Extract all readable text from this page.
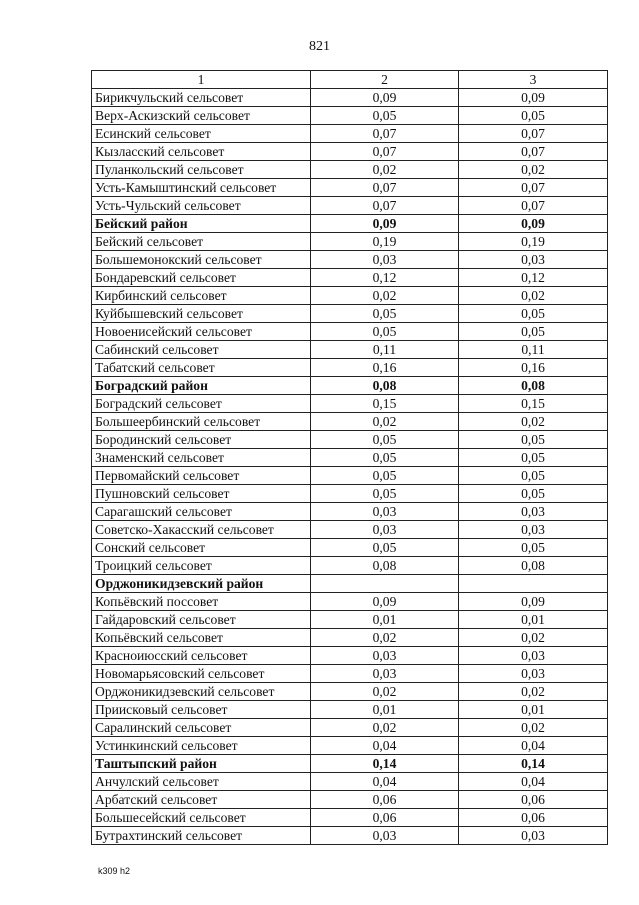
821
1	2	3
Бирикчульский сельсовет	0,09	0,09
Верх-Аскизский сельсовет	0,05	0,05
Есинский сельсовет	0,07	0,07
Кызласский сельсовет	0,07	0,07
Пуланкольский сельсовет	0,02	0,02
Усть-Камыштинский сельсовет	0,07	0,07
Усть-Чульский сельсовет	0,07	0,07
Бейский район	0,09	0,09
Бейский сельсовет	0,19	0,19
Большемонокский сельсовет	0,03	0,03
Бондаревский сельсовет	0,12	0,12
Кирбинский сельсовет	0,02	0,02
Куйбышевский сельсовет	0,05	0,05
Новоенисейский сельсовет	0,05	0,05
Сабинский сельсовет	0,11	0,11
Табатский сельсовет	0,16	0,16
Боградский район	0,08	0,08
Боградский сельсовет	0,15	0,15
Большеербинский сельсовет	0,02	0,02
Бородинский сельсовет	0,05	0,05
Знаменский сельсовет	0,05	0,05
Первомайский сельсовет	0,05	0,05
Пушновский сельсовет	0,05	0,05
Сарагашский сельсовет	0,03	0,03
Советско-Хакасский сельсовет	0,03	0,03
Сонский сельсовет	0,05	0,05
Троицкий сельсовет	0,08	0,08
Орджоникидзевский район		
Копьёвский поссовет	0,09	0,09
Гайдаровский сельсовет	0,01	0,01
Копьёвский сельсовет	0,02	0,02
Красноиюсский сельсовет	0,03	0,03
Новомарьясовский сельсовет	0,03	0,03
Орджоникидзевский сельсовет	0,02	0,02
Приисковый сельсовет	0,01	0,01
Саралинский сельсовет	0,02	0,02
Устинкинский сельсовет	0,04	0,04
Таштыпский район	0,14	0,14
Анчулский сельсовет	0,04	0,04
Арбатский сельсовет	0,06	0,06
Большесейский сельсовет	0,06	0,06
Бутрахтинский сельсовет	0,03	0,03
k309 h2
